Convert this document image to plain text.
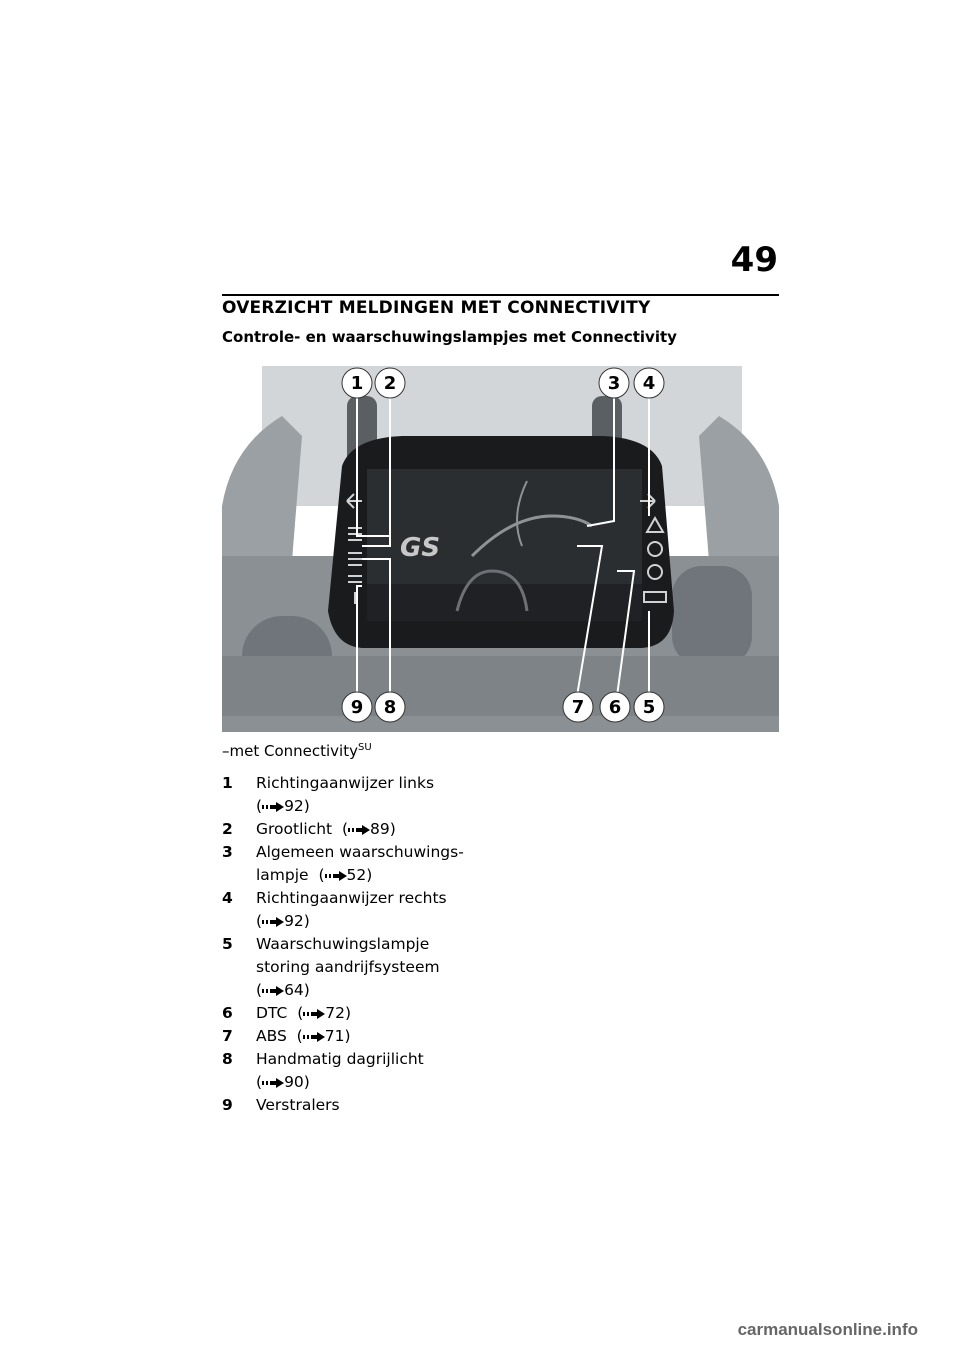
49
OVERZICHT MELDINGEN MET CONNECTIVITY
Controle- en waarschuwingslampjes met Connectivity
GS
1 2	3 4
5
6
7
8
9
–met Connectivity$^{SU}$
1	Richtingaanwijzer links
( 92)
2	Grootlicht ( 89)
3	Algemeen waarschuwings-
lampje ( 52)
4	Richtingaanwijzer rechts
( 92)
5	Waarschuwingslampje
storing aandrijfsysteem
( 64)
6	DTC ( 72)
7	ABS ( 71)
8	Handmatig dagrijlicht
( 90)
9	Verstralers
carmanualsonline.info
